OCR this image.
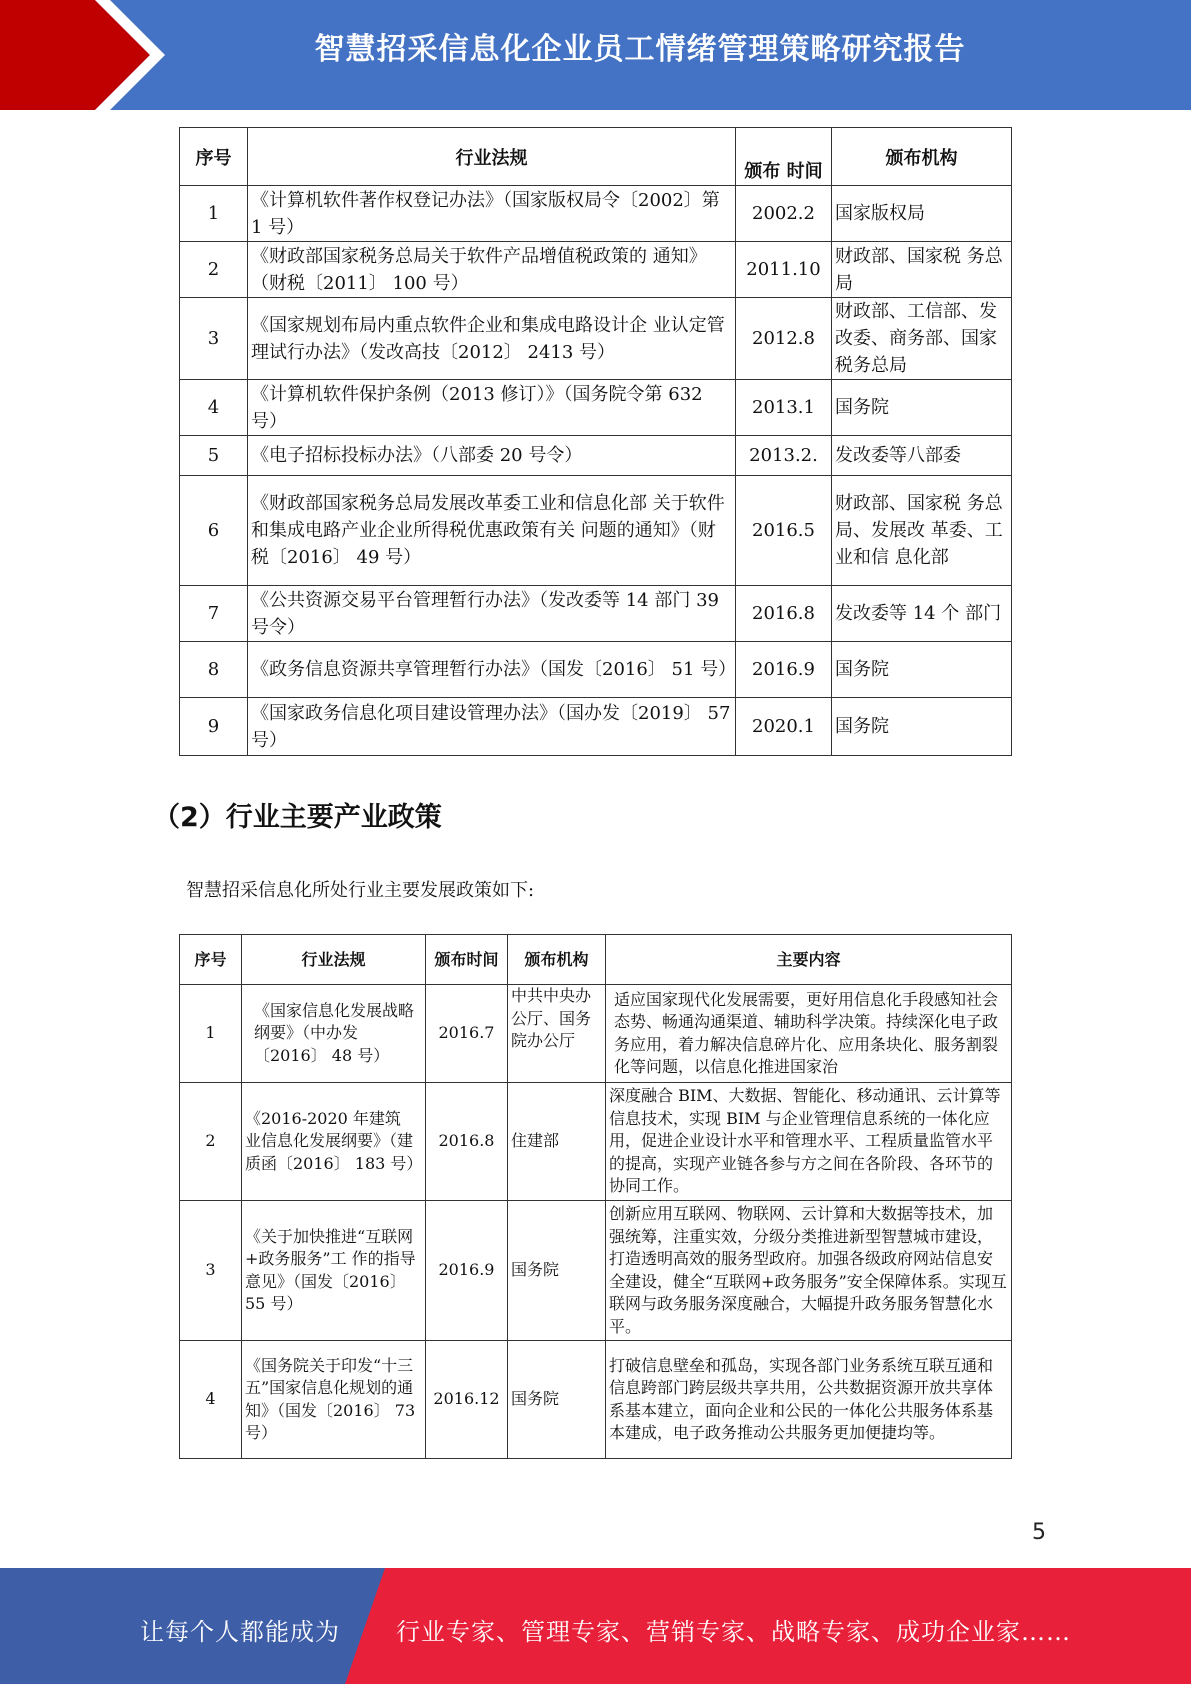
智慧招采信息化企业员工情绪管理策略研究报告
序号	行业法规	颁布 时间	颁布机构
1	《计算机软件著作权登记办法》（国家版权局令〔2002〕第 1 号）	2002.2	国家版权局
2	《财政部国家税务总局关于软件产品增值税政策的 通知》（财税〔2011〕 100 号）	2011.10	财政部、国家税 务总局
3	《国家规划布局内重点软件企业和集成电路设计企 业认定管理试行办法》（发改高技〔2012〕 2413 号）	2012.8	财政部、工信部、发改委、商务部、国家税务总局
4	《计算机软件保护条例（2013 修订）》（国务院令第 632 号）	2013.1	国务院
5	《电子招标投标办法》（八部委 20 号令）	2013.2.	发改委等八部委
6	《财政部国家税务总局发展改革委工业和信息化部 关于软件和集成电路产业企业所得税优惠政策有关 问题的通知》（财税〔2016〕 49 号）	2016.5	财政部、国家税 务总局、发展改 革委、工业和信 息化部
7	《公共资源交易平台管理暂行办法》（发改委等 14 部门 39 号令）	2016.8	发改委等 14 个 部门
8	《政务信息资源共享管理暂行办法》（国发〔2016〕 51 号）	2016.9	国务院
9	《国家政务信息化项目建设管理办法》（国办发〔2019〕 57 号）	2020.1	国务院
（2）行业主要产业政策
智慧招采信息化所处行业主要发展政策如下:
序号	行业法规	颁布时间	颁布机构	主要内容
1	《国家信息化发展战略纲要》（中办发〔2016〕 48 号）	2016.7	中共中央办公厅、国务院办公厅	适应国家现代化发展需要，更好用信息化手段感知社会态势、畅通沟通渠道、辅助科学决策。持续深化电子政务应用，着力解决信息碎片化、应用条块化、服务割裂化等问题，以信息化推进国家治

2	《2016-2020 年建筑 业信息化发展纲要》（建质函〔2016〕 183 号）	2016.8	住建部	深度融合 BIM、大数据、智能化、移动通讯、云计算等信息技术，实现 BIM 与企业管理信息系统的一体化应用，促进企业设计水平和管理水平、工程质量监管水平的提高，实现产业链各参与方之间在各阶段、各环节的协同工作。
3	《关于加快推进“互联网+政务服务”工 作的指导意见》（国发〔2016〕 55 号）	2016.9	国务院	创新应用互联网、物联网、云计算和大数据等技术，加强统筹，注重实效，分级分类推进新型智慧城市建设，打造透明高效的服务型政府。加强各级政府网站信息安全建设，健全“互联网+政务服务”安全保障体系。实现互联网与政务服务深度融合，大幅提升政务服务智慧化水平。
4	《国务院关于印发“十三五”国家信息化规划的通知》（国发〔2016〕 73 号）	2016.12	国务院	打破信息壁垒和孤岛，实现各部门业务系统互联互通和信息跨部门跨层级共享共用，公共数据资源开放共享体系基本建立，面向企业和公民的一体化公共服务体系基本建成，电子政务推动公共服务更加便捷均等。
5
让每个人都能成为 行业专家、管理专家、营销专家、战略专家、成功企业家……
